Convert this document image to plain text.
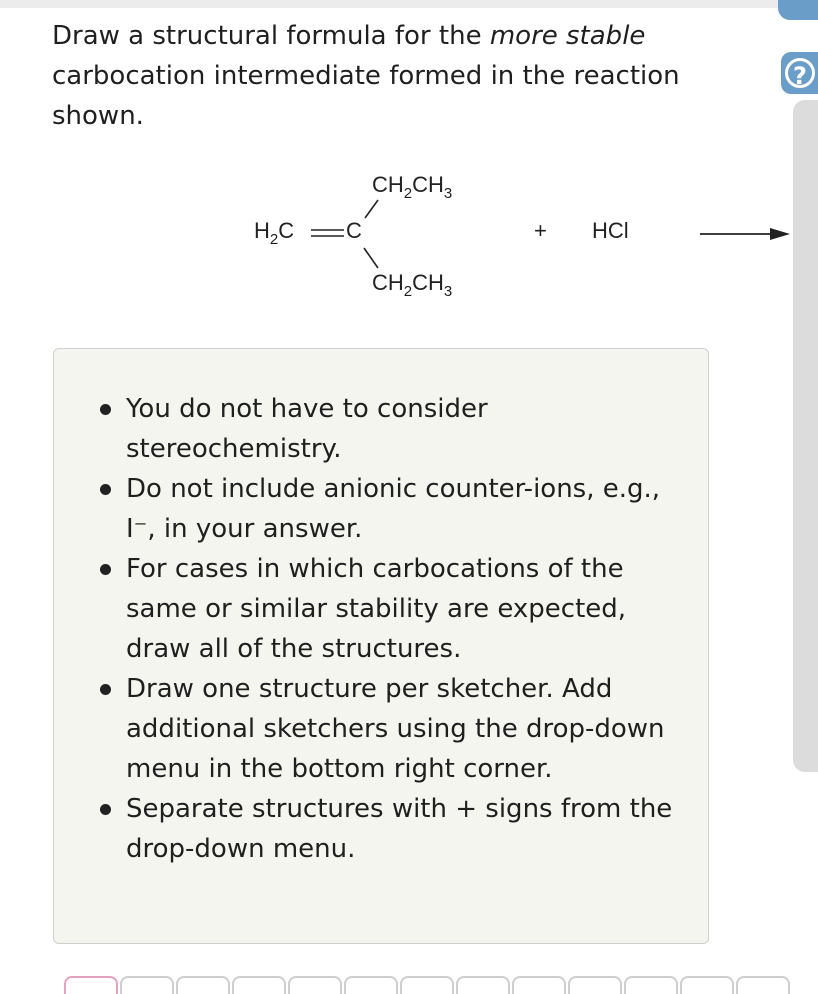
Draw a structural formula for the more stable
carbocation intermediate formed in the reaction shown.
?
$CH_2CH_3$
$H_2C$ C
$CH_2CH_3$
+ HCl
You do not have to consider stereochemistry.
Do not include anionic counter-ions, e.g., I⁻, in your answer.
For cases in which carbocations of the same or similar stability are expected, draw all of the structures.
Draw one structure per sketcher. Add additional sketchers using the drop-down menu in the bottom right corner.
Separate structures with + signs from the drop-down menu.
